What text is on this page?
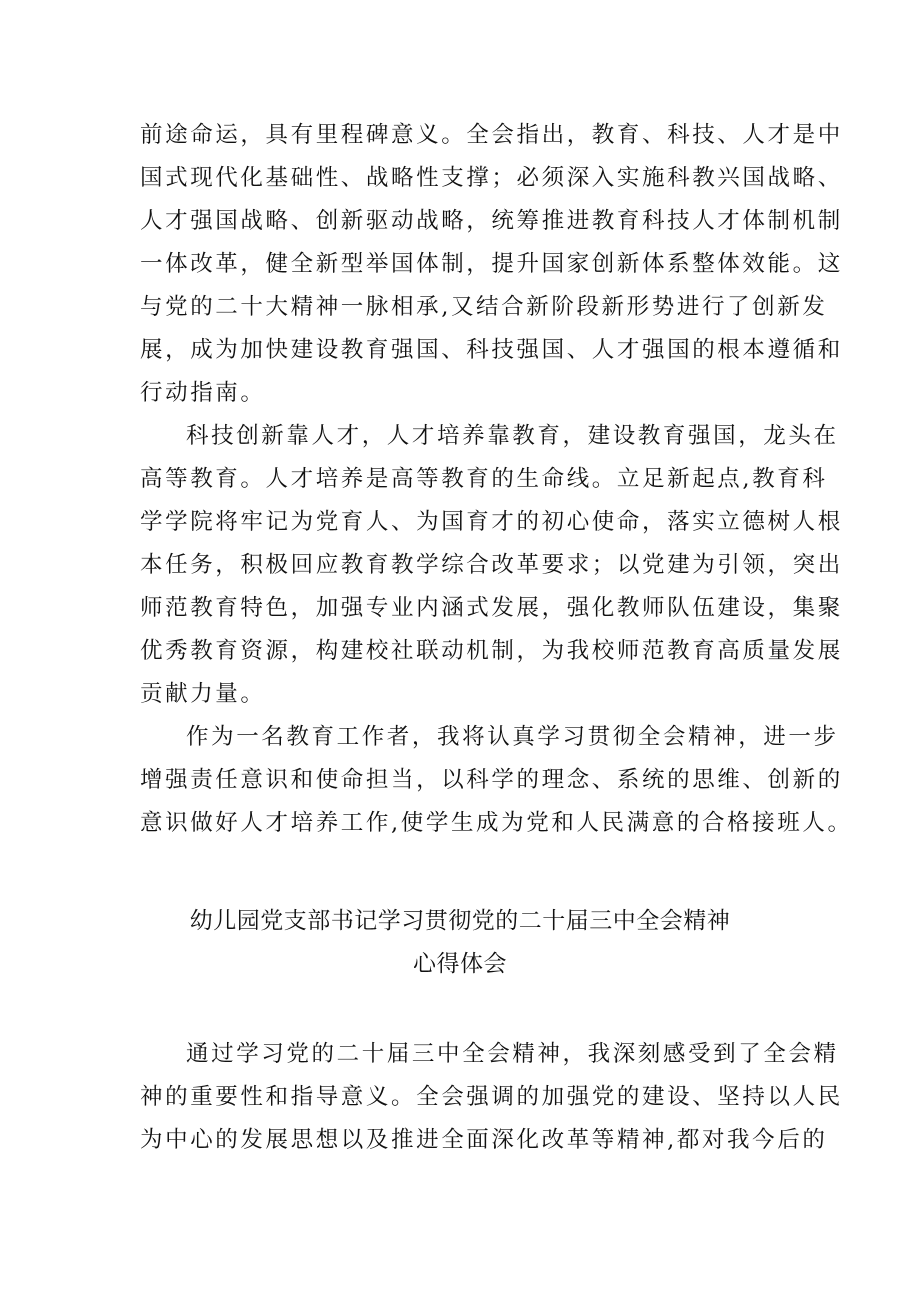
前途命运，具有里程碑意义。全会指出，教育、科技、人才是中
国式现代化基础性、战略性支撑；必须深入实施科教兴国战略、
人才强国战略、创新驱动战略，统筹推进教育科技人才体制机制
一体改革，健全新型举国体制，提升国家创新体系整体效能。这
与党的二十大精神一脉相承,又结合新阶段新形势进行了创新发
展，成为加快建设教育强国、科技强国、人才强国的根本遵循和
行动指南。
科技创新靠人才，人才培养靠教育，建设教育强国，龙头在
高等教育。人才培养是高等教育的生命线。立足新起点,教育科
学学院将牢记为党育人、为国育才的初心使命，落实立德树人根
本任务，积极回应教育教学综合改革要求；以党建为引领，突出
师范教育特色，加强专业内涵式发展，强化教师队伍建设，集聚
优秀教育资源，构建校社联动机制，为我校师范教育高质量发展
贡献力量。
作为一名教育工作者，我将认真学习贯彻全会精神，进一步
增强责任意识和使命担当，以科学的理念、系统的思维、创新的
意识做好人才培养工作,使学生成为党和人民满意的合格接班人。
幼儿园党支部书记学习贯彻党的二十届三中全会精神
心得体会
通过学习党的二十届三中全会精神，我深刻感受到了全会精
神的重要性和指导意义。全会强调的加强党的建设、坚持以人民
为中心的发展思想以及推进全面深化改革等精神,都对我今后的
